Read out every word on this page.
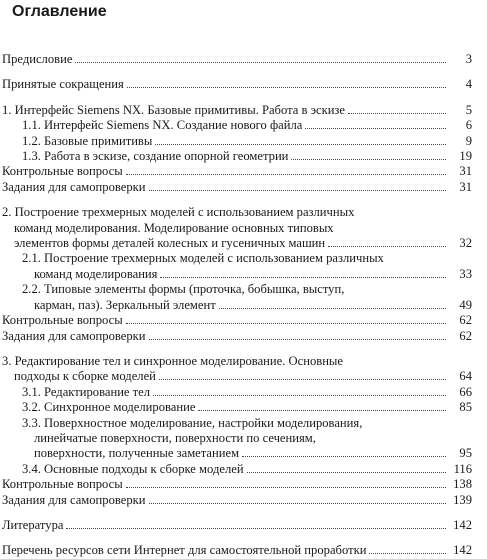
Оглавление
Предисловие	3
Принятые сокращения	4
1. Интерфейс Siemens NX. Базовые примитивы. Работа в эскизе	5
1.1. Интерфейс Siemens NX. Создание нового файла	6
1.2. Базовые примитивы	9
1.3. Работа в эскизе, создание опорной геометрии	19
Контрольные вопросы	31
Задания для самопроверки	31
2. Построение трехмерных моделей с использованием различных
команд моделирования. Моделирование основных типовых
элементов формы деталей колесных и гусеничных машин	32
2.1. Построение трехмерных моделей с использованием различных
команд моделирования	33
2.2. Типовые элементы формы (проточка, бобышка, выступ,
карман, паз). Зеркальный элемент	49
Контрольные вопросы	62
Задания для самопроверки	62
3. Редактирование тел и синхронное моделирование. Основные
подходы к сборке моделей	64
3.1. Редактирование тел	66
3.2. Синхронное моделирование	85
3.3. Поверхностное моделирование, настройки моделирования,
линейчатые поверхности, поверхности по сечениям,
поверхности, полученные заметанием	95
3.4. Основные подходы к сборке моделей	116
Контрольные вопросы	138
Задания для самопроверки	139
Литература	142
Перечень ресурсов сети Интернет для самостоятельной проработки	142
